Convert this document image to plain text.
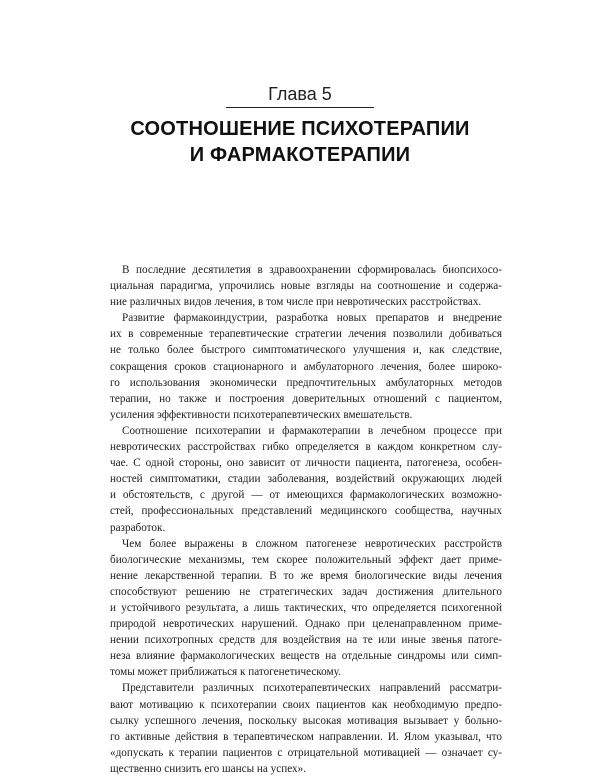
Глава 5
СООТНОШЕНИЕ ПСИХОТЕРАПИИ
И ФАРМАКОТЕРАПИИ

В последние десятилетия в здравоохранении сформировалась биопсихосо-
циальная парадигма, упрочились новые взгляды на соотношение и содержа-
ние различных видов лечения, в том числе при невротических расстройствах.

Развитие фармакоиндустрии, разработка новых препаратов и внедрение
их в современные терапевтические стратегии лечения позволили добиваться
не только более быстрого симптоматического улучшения и, как следствие,
сокращения сроков стационарного и амбулаторного лечения, более широко-
го использования экономически предпочтительных амбулаторных методов
терапии, но также и построения доверительных отношений с пациентом,
усиления эффективности психотерапевтических вмешательств.

Соотношение психотерапии и фармакотерапии в лечебном процессе при
невротических расстройствах гибко определяется в каждом конкретном слу-
чае. С одной стороны, оно зависит от личности пациента, патогенеза, особен-
ностей симптоматики, стадии заболевания, воздействий окружающих людей
и обстоятельств, с другой — от имеющихся фармакологических возможно-
стей, профессиональных представлений медицинского сообщества, научных
разработок.

Чем более выражены в сложном патогенезе невротических расстройств
биологические механизмы, тем скорее положительный эффект дает приме-
нение лекарственной терапии. В то же время биологические виды лечения
способствуют решению не стратегических задач достижения длительного
и устойчивого результата, а лишь тактических, что определяется психогенной
природой невротических нарушений. Однако при целенаправленном приме-
нении психотропных средств для воздействия на те или иные звенья патоге-
неза влияние фармакологических веществ на отдельные синдромы или симп-
томы может приближаться к патогенетическому.

Представители различных психотерапевтических направлений рассматри-
вают мотивацию к психотерапии своих пациентов как необходимую предпо-
сылку успешного лечения, поскольку высокая мотивация вызывает у больно-
го активные действия в терапевтическом направлении. И. Ялом указывал, что
«допускать к терапии пациентов с отрицательной мотивацией — означает су-
щественно снизить его шансы на успех».
